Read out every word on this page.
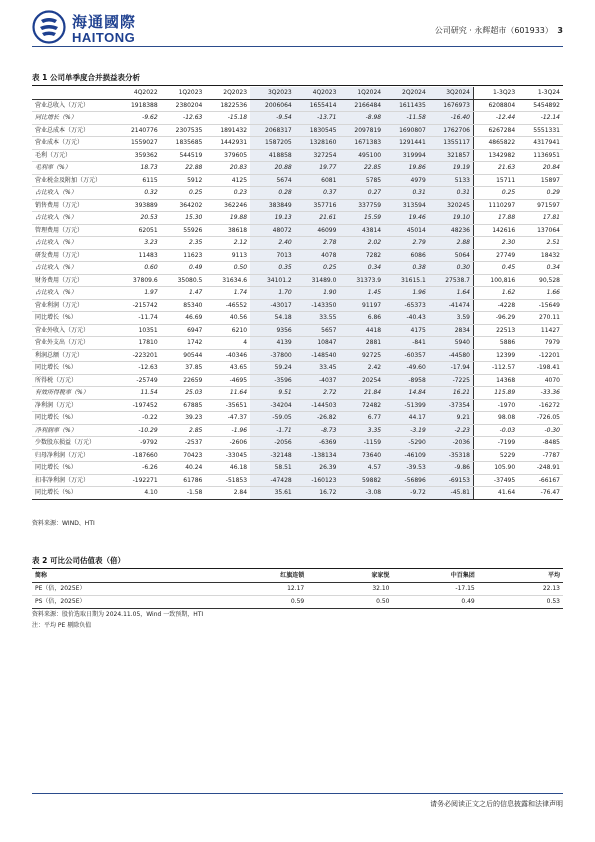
海通國際
HAITONG	公司研究 · 永辉超市（601933） 3
表 1 公司单季度合并损益表分析
	4Q2022	1Q2023	2Q2023	3Q2023	4Q2023	1Q2024	2Q2024	3Q2024	1-3Q23	1-3Q24
营业总收入（万元）	1918388	2380204	1822536	2006064	1655414	2166484	1611435	1676973	6208804	5454892
同比增长（%）	-9.62	-12.63	-15.18	-9.54	-13.71	-8.98	-11.58	-16.40	-12.44	-12.14
营业总成本（万元）	2140776	2307535	1891432	2068317	1830545	2097819	1690807	1762706	6267284	5551331
营业成本（万元）	1559027	1835685	1442931	1587205	1328160	1671383	1291441	1355117	4865822	4317941
毛利（万元）	359362	544519	379605	418858	327254	495100	319994	321857	1342982	1136951
毛利率（%）	18.73	22.88	20.83	20.88	19.77	22.85	19.86	19.19	21.63	20.84
营业税金及附加（万元）	6115	5912	4125	5674	6081	5785	4979	5133	15711	15897
占比收入（%）	0.32	0.25	0.23	0.28	0.37	0.27	0.31	0.31	0.25	0.29
销售费用（万元）	393889	364202	362246	383849	357716	337759	313594	320245	1110297	971597
占比收入（%）	20.53	15.30	19.88	19.13	21.61	15.59	19.46	19.10	17.88	17.81
管理费用（万元）	62051	55926	38618	48072	46099	43814	45014	48236	142616	137064
占比收入（%）	3.23	2.35	2.12	2.40	2.78	2.02	2.79	2.88	2.30	2.51
研发费用（万元）	11483	11623	9113	7013	4078	7282	6086	5064	27749	18432
占比收入（%）	0.60	0.49	0.50	0.35	0.25	0.34	0.38	0.30	0.45	0.34
财务费用（万元）	37809.6	35080.5	31634.6	34101.2	31489.0	31373.9	31615.1	27538.7	100,816	90,528
占比收入（%）	1.97	1.47	1.74	1.70	1.90	1.45	1.96	1.64	1.62	1.66
营业利润（万元）	-215742	85340	-46552	-43017	-143350	91197	-65373	-41474	-4228	-15649
同比增长（%）	-11.74	46.69	40.56	54.18	33.55	6.86	-40.43	3.59	-96.29	270.11
营业外收入（万元）	10351	6947	6210	9356	5657	4418	4175	2834	22513	11427
营业外支出（万元）	17810	1742	4	4139	10847	2881	-841	5940	5886	7979
利润总额（万元）	-223201	90544	-40346	-37800	-148540	92725	-60357	-44580	12399	-12201
同比增长（%）	-12.63	37.85	43.65	59.24	33.45	2.42	-49.60	-17.94	-112.57	-198.41
所得税（万元）	-25749	22659	-4695	-3596	-4037	20254	-8958	-7225	14368	4070
有效所得税率（%）	11.54	25.03	11.64	9.51	2.72	21.84	14.84	16.21	115.89	-33.36
净利润（万元）	-197452	67885	-35651	-34204	-144503	72482	-51399	-37354	-1970	-16272
同比增长（%）	-0.22	39.23	-47.37	-59.05	-26.82	6.77	44.17	9.21	98.08	-726.05
净利润率（%）	-10.29	2.85	-1.96	-1.71	-8.73	3.35	-3.19	-2.23	-0.03	-0.30
少数股东损益（万元）	-9792	-2537	-2606	-2056	-6369	-1159	-5290	-2036	-7199	-8485
归母净利润（万元）	-187660	70423	-33045	-32148	-138134	73640	-46109	-35318	5229	-7787
同比增长（%）	-6.26	40.24	46.18	58.51	26.39	4.57	-39.53	-9.86	105.90	-248.91
扣非净利润（万元）	-192271	61786	-51853	-47428	-160123	59882	-56896	-69153	-37495	-66167
同比增长（%）	4.10	-1.58	2.84	35.61	16.72	-3.08	-9.72	-45.81	41.64	-76.47
资料来源：WIND、HTI
表 2 可比公司估值表（倍）
简称	红旗连锁	家家悦	中百集团	平均
PE（倍，2025E）	12.17	32.10	-17.15	22.13
PS（倍，2025E）	0.59	0.50	0.49	0.53
资料来源：股价选取日期为 2024.11.05，Wind 一致预期，HTI
注：平均 PE 剔除负值
请务必阅读正文之后的信息披露和法律声明
